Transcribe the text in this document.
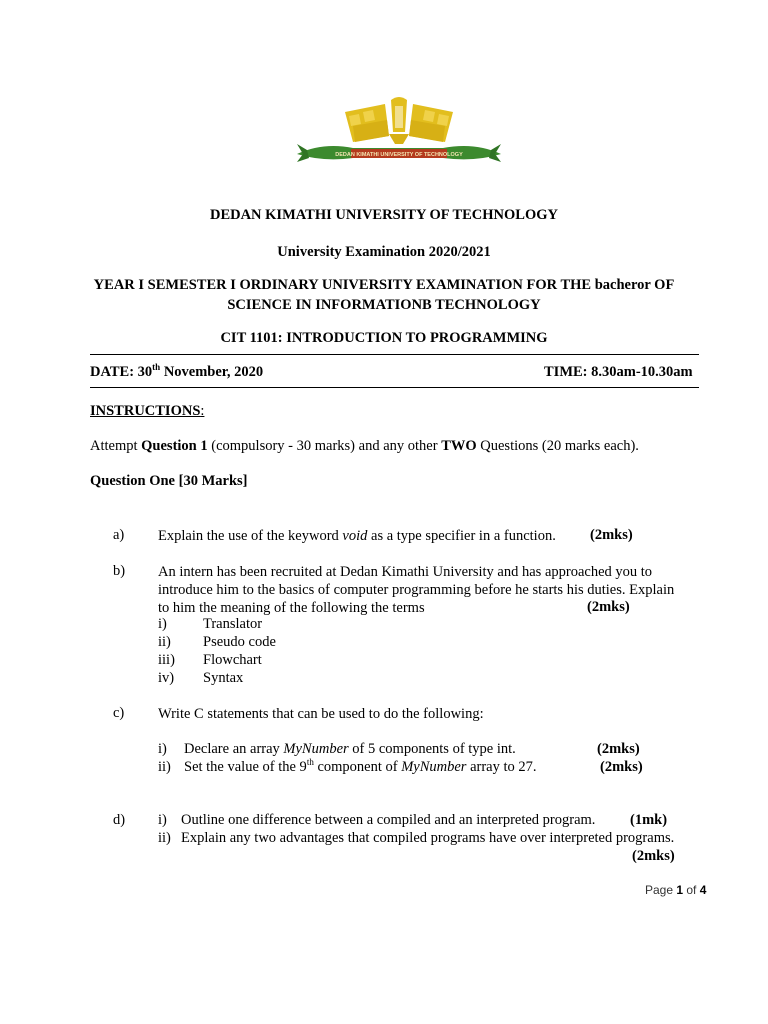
DEDAN KIMATHI UNIVERSITY OF TECHNOLOGY
DEDAN KIMATHI UNIVERSITY OF TECHNOLOGY
University Examination 2020/2021
YEAR I SEMESTER I ORDINARY UNIVERSITY EXAMINATION FOR THE bacheror OF
SCIENCE IN INFORMATIONB TECHNOLOGY
CIT 1101: INTRODUCTION TO PROGRAMMING
DATE: 30th November, 2020	TIME: 8.30am-10.30am
INSTRUCTIONS:
Attempt Question 1 (compulsory - 30 marks) and any other TWO Questions (20 marks each).
Question One [30 Marks]
a) Explain the use of the keyword void as a type specifier in a function.	(2mks)
b) An intern has been recruited at Dedan Kimathi University and has approached you to
introduce him to the basics of computer programming before he starts his duties. Explain
to him the meaning of the following the terms	(2mks)
i) Translator
ii) Pseudo code
iii) Flowchart
iv) Syntax
c) Write C statements that can be used to do the following:
i) Declare an array MyNumber of 5 components of type int.	(2mks)
ii) Set the value of the 9th component of MyNumber array to 27.	(2mks)
d) i) Outline one difference between a compiled and an interpreted program. (1mk)
ii) Explain any two advantages that compiled programs have over interpreted programs.
(2mks)
Page 1 of 4
